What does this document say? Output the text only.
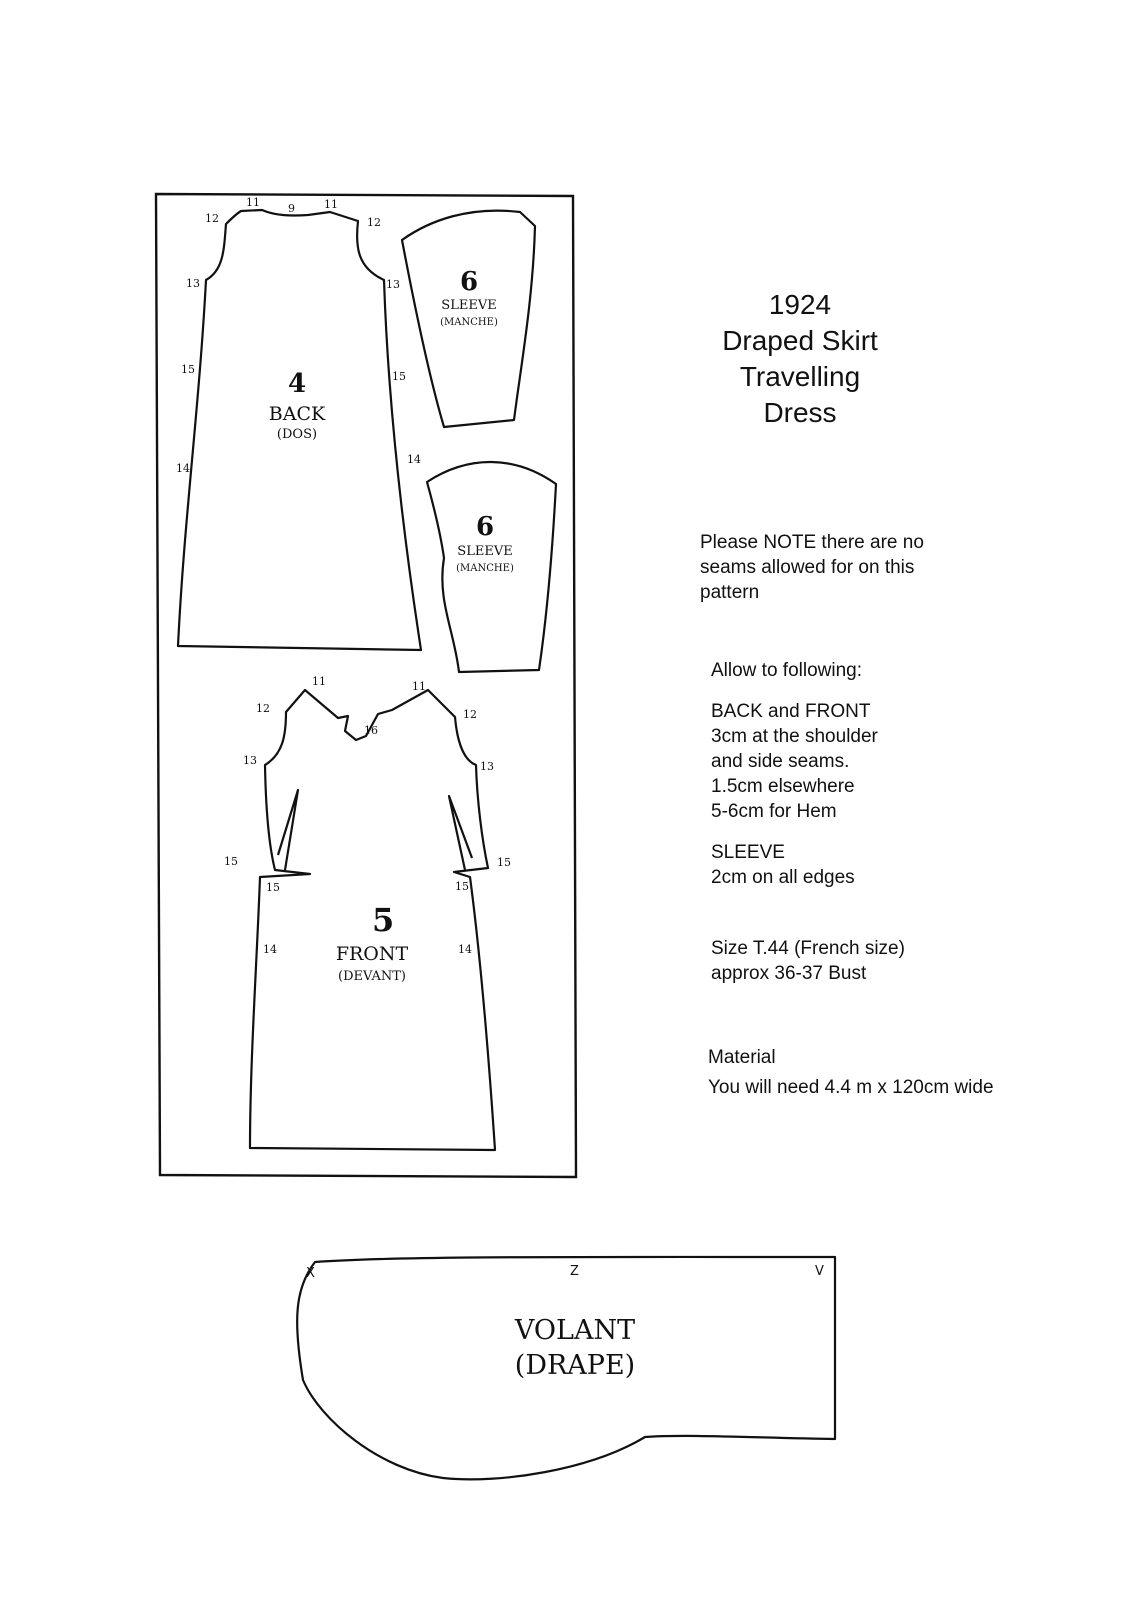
9
11	11
12	12
13	13
15
15
14
14
11	11
12	12
16
13	13
15	15
15	15
14	14
4
BACK
(DOS)
6
SLEEVE
(MANCHE)
6
SLEEVE
(MANCHE)
5
FRONT
(DEVANT)
VOLANT
(DRAPE)
X	Z	V
1924
Draped Skirt
Travelling
Dress
Please NOTE there are no
seams allowed for on this
pattern
Allow to following:
BACK and FRONT
3cm at the shoulder
and side seams.
1.5cm elsewhere
5-6cm for Hem
SLEEVE
2cm on all edges
Size T.44 (French size)
approx 36-37 Bust
Material
You will need 4.4 m x 120cm wide
